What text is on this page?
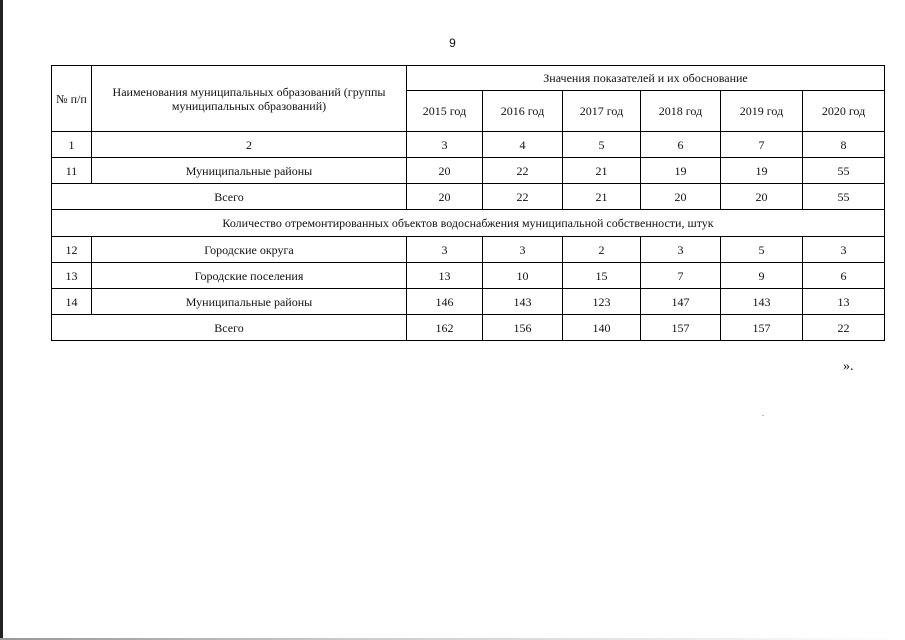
9
№ п/п	Наименования муниципальных образований (группы муниципальных образований)	Значения показателей и их обоснование					
		2015 год	2016 год	2017 год	2018 год	2019 год	2020 год
1	2	3	4	5	6	7	8
11	Муниципальные районы	20	22	21	19	19	55
Всего		20	22	21	20	20	55
Количество отремонтированных объектов водоснабжения муниципальной собственности, штук							
12	Городские округа	3	3	2	3	5	3
13	Городские поселения	13	10	15	7	9	6
14	Муниципальные районы	146	143	123	147	143	13
Всего		162	156	140	157	157	22
».
